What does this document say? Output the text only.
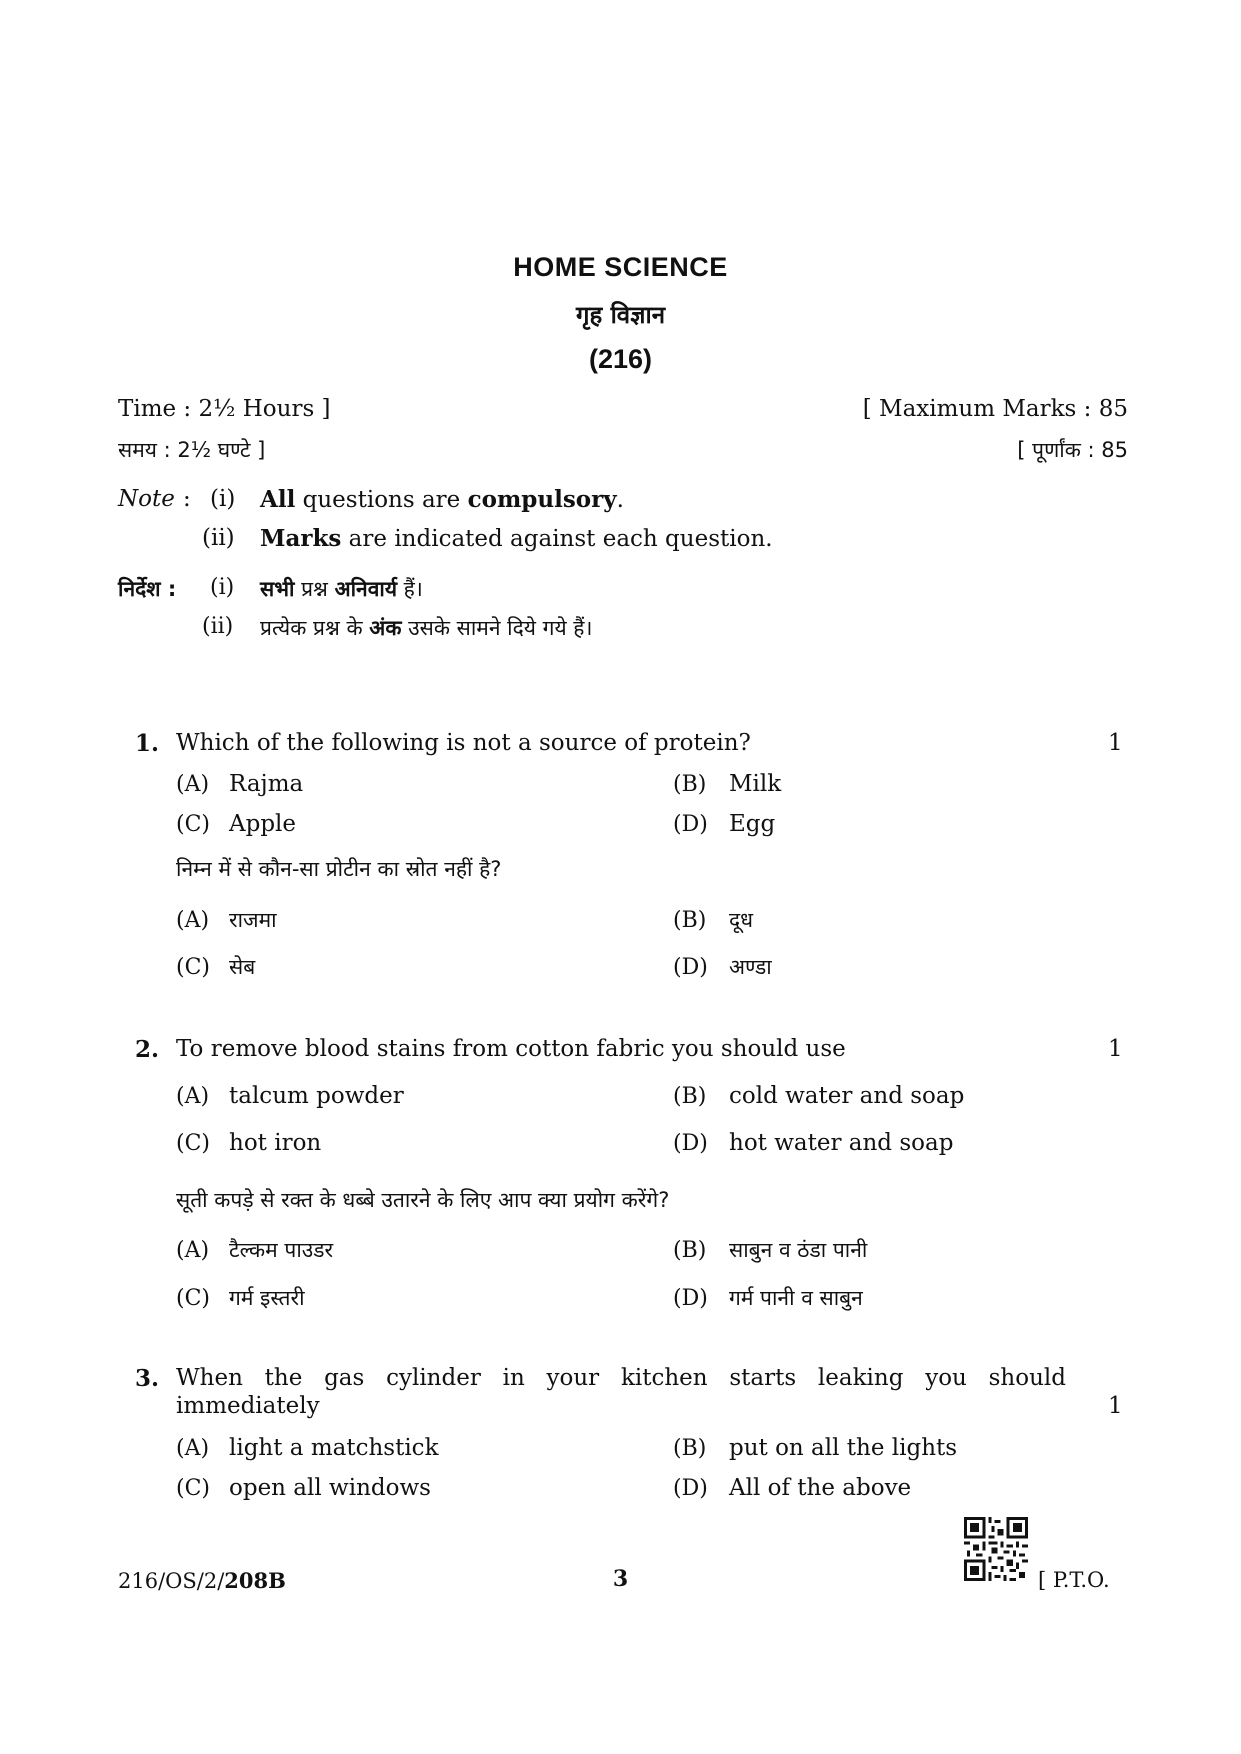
HOME SCIENCE
गृह विज्ञान
(216)
Time : 2½ Hours ]	[ Maximum Marks : 85
समय : 2½ घण्टे ]	[ पूर्णांक : 85
Note : (i) All questions are compulsory.
(ii) Marks are indicated against each question.
निर्देश : (i) सभी प्रश्न अनिवार्य हैं।
(ii) प्रत्येक प्रश्न के अंक उसके सामने दिये गये हैं।
1. Which of the following is not a source of protein?	1
(A) Rajma	(B) Milk
(C) Apple	(D) Egg
निम्न में से कौन-सा प्रोटीन का स्रोत नहीं है?
(A) राजमा	(B) दूध
(C) सेब	(D) अण्डा
2. To remove blood stains from cotton fabric you should use	1
(A) talcum powder	(B) cold water and soap
(C) hot iron	(D) hot water and soap
सूती कपड़े से रक्त के धब्बे उतारने के लिए आप क्या प्रयोग करेंगे?
(A) टैल्कम पाउडर	(B) साबुन व ठंडा पानी
(C) गर्म इस्तरी	(D) गर्म पानी व साबुन
3. When the gas cylinder in your kitchen starts leaking you should
immediately	1
(A) light a matchstick	(B) put on all the lights
(C) open all windows	(D) All of the above
216/OS/2/208B	3	[ P.T.O.
